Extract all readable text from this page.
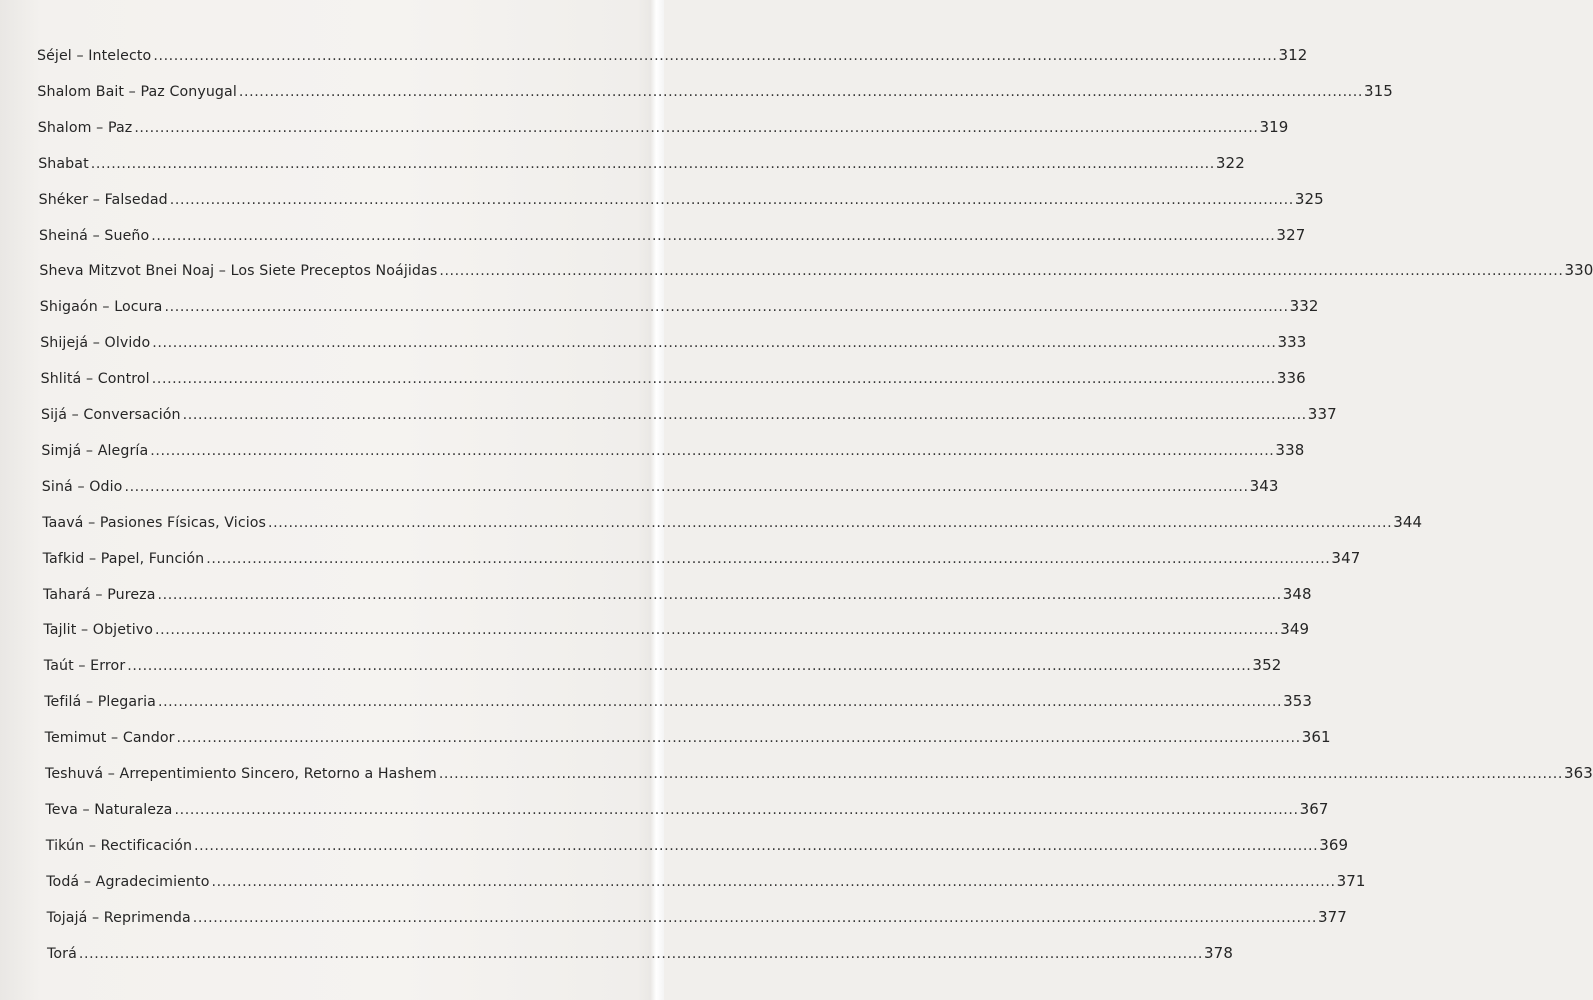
Séjel – Intelecto ............................................................................................................................................................................................................................ 312
Shalom Bait – Paz Conyugal ............................................................................................................................................................................................................................ 315
Shalom – Paz ............................................................................................................................................................................................................................ 319
Shabat ............................................................................................................................................................................................................................ 322
Shéker – Falsedad ............................................................................................................................................................................................................................ 325
Sheiná – Sueño ............................................................................................................................................................................................................................ 327
Sheva Mitzvot Bnei Noaj – Los Siete Preceptos Noájidas ............................................................................................................................................................................................................................ 330
Shigaón – Locura ............................................................................................................................................................................................................................ 332
Shijejá – Olvido ............................................................................................................................................................................................................................ 333
Shlitá – Control ............................................................................................................................................................................................................................ 336
Sijá – Conversación ............................................................................................................................................................................................................................ 337
Simjá – Alegría ............................................................................................................................................................................................................................ 338
Siná – Odio ............................................................................................................................................................................................................................ 343
Taavá – Pasiones Físicas, Vicios ............................................................................................................................................................................................................................ 344
Tafkid – Papel, Función ............................................................................................................................................................................................................................ 347
Tahará – Pureza ............................................................................................................................................................................................................................ 348
Tajlit – Objetivo ............................................................................................................................................................................................................................ 349
Taút – Error ............................................................................................................................................................................................................................ 352
Tefilá – Plegaria ............................................................................................................................................................................................................................ 353
Temimut – Candor ............................................................................................................................................................................................................................ 361
Teshuvá – Arrepentimiento Sincero, Retorno a Hashem ............................................................................................................................................................................................................................ 363
Teva – Naturaleza ............................................................................................................................................................................................................................ 367
Tikún – Rectificación ............................................................................................................................................................................................................................ 369
Todá – Agradecimiento ............................................................................................................................................................................................................................ 371
Tojajá – Reprimenda ............................................................................................................................................................................................................................ 377
Torá ............................................................................................................................................................................................................................ 378
